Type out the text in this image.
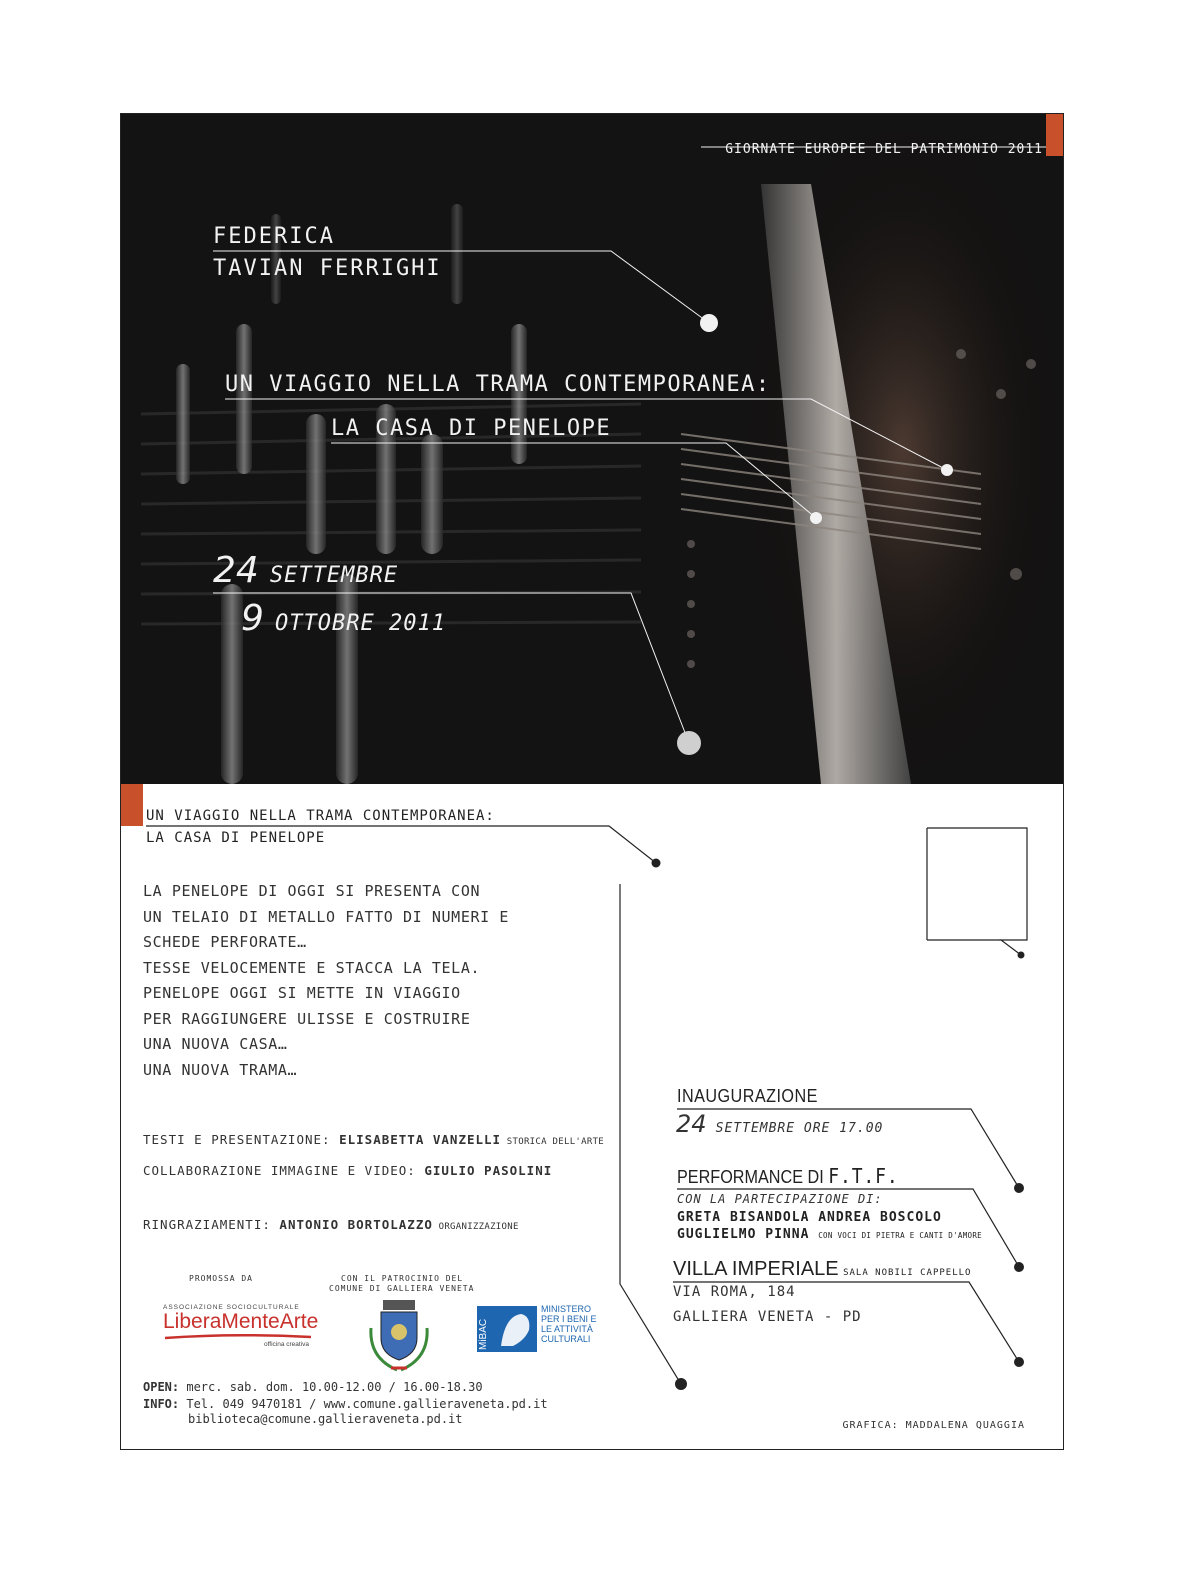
GIORNATE EUROPEE DEL PATRIMONIO 2011
FEDERICA
TAVIAN FERRIGHI
UN VIAGGIO NELLA TRAMA CONTEMPORANEA:
LA CASA DI PENELOPE
24 SETTEMBRE
9 OTTOBRE 2011
UN VIAGGIO NELLA TRAMA CONTEMPORANEA:
LA CASA DI PENELOPE
LA PENELOPE DI OGGI SI PRESENTA CON
UN TELAIO DI METALLO FATTO DI NUMERI E
SCHEDE PERFORATE…
TESSE VELOCEMENTE E STACCA LA TELA.
PENELOPE OGGI SI METTE IN VIAGGIO
PER RAGGIUNGERE ULISSE E COSTRUIRE
UNA NUOVA CASA…
UNA NUOVA TRAMA…
TESTI E PRESENTAZIONE: ELISABETTA VANZELLI STORICA DELL'ARTE
COLLABORAZIONE IMMAGINE E VIDEO: GIULIO PASOLINI
RINGRAZIAMENTI: ANTONIO BORTOLAZZO ORGANIZZAZIONE
PROMOSSA DA
ASSOCIAZIONE SOCIOCULTURALE
LiberaMenteArte
officina creativa
CON IL PATROCINIO DEL
COMUNE DI GALLIERA VENETA
MiBAC
MINISTERO
PER I BENI E
LE ATTIVITÀ
CULTURALI
OPEN: merc. sab. dom. 10.00-12.00 / 16.00-18.30
INFO: Tel. 049 9470181 / www.comune.gallieraveneta.pd.it
biblioteca@comune.gallieraveneta.pd.it
INAUGURAZIONE
24 SETTEMBRE ORE 17.00
PERFORMANCE DI F.T.F.
CON LA PARTECIPAZIONE DI:
GRETA BISANDOLA ANDREA BOSCOLO
GUGLIELMO PINNA CON VOCI DI PIETRA E CANTI D'AMORE
VILLA IMPERIALE SALA NOBILI CAPPELLO
VIA ROMA, 184
GALLIERA VENETA - PD
GRAFICA: MADDALENA QUAGGIA
